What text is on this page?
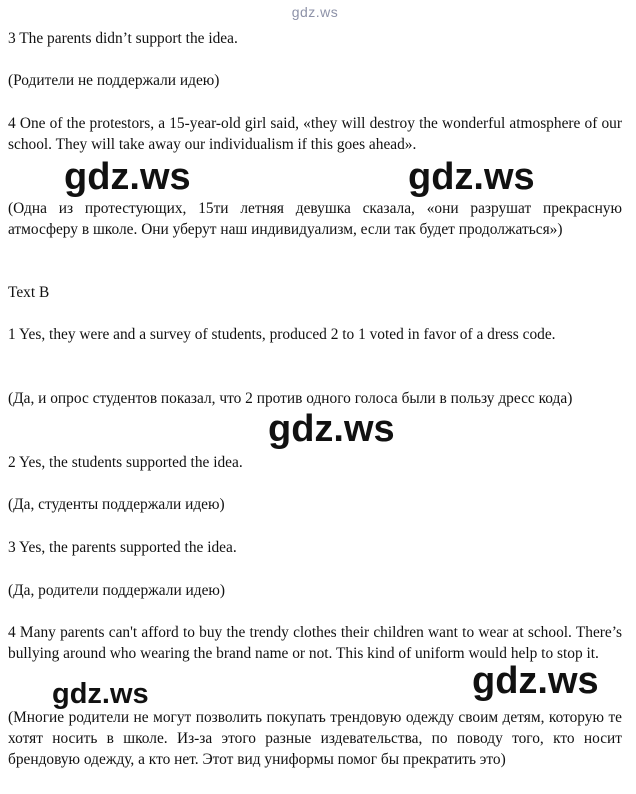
gdz.ws

3 The parents didn’t support the idea.

(Родители не поддержали идею)

4 One of the protestors, a 15-year-old girl said, «they will destroy the wonderful atmosphere of our school. They will take away our individualism if this goes ahead».

(Одна из протестующих, 15ти летняя девушка сказала, «они разрушат прекрасную атмосферу в школе. Они уберут наш индивидуализм, если так будет продолжаться»)

Text B

1 Yes, they were and a survey of students, produced 2 to 1 voted in favor of a dress code.

(Да, и опрос студентов показал, что 2 против одного голоса были в пользу дресс кода)

2 Yes, the students supported the idea.

(Да, студенты поддержали идею)

3 Yes, the parents supported the idea.

(Да, родители поддержали идею)

4 Many parents can't afford to buy the trendy clothes their children want to wear at school. There’s bullying around who wearing the brand name or not. This kind of uniform would help to stop it.

(Многие родители не могут позволить покупать трендовую одежду своим детям, которую те хотят носить в школе. Из-за этого разные издевательства, по поводу того, кто носит брендовую одежду, а кто нет. Этот вид униформы помог бы прекратить это)

gdz.ws	gdz.ws
gdz.ws
gdz.ws	gdz.ws
